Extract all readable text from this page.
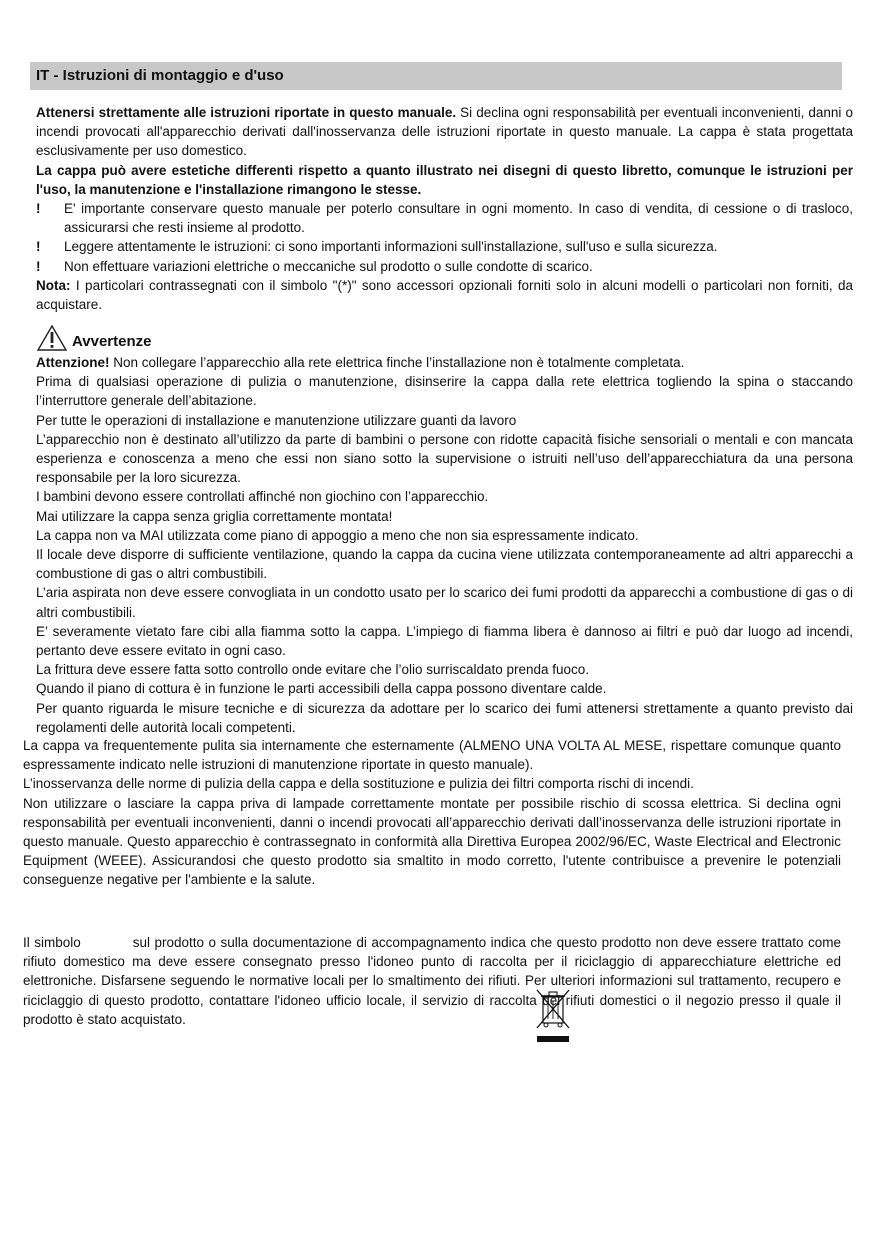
IT - Istruzioni di montaggio e d'uso

Attenersi strettamente alle istruzioni riportate in questo manuale. Si declina ogni responsabilità per eventuali inconvenienti, danni o incendi provocati all'apparecchio derivati dall'inosservanza delle istruzioni riportate in questo manuale. La cappa è stata progettata esclusivamente per uso domestico.

La cappa può avere estetiche differenti rispetto a quanto illustrato nei disegni di questo libretto, comunque le istruzioni per l'uso, la manutenzione e l'installazione rimangono le stesse.

!	E' importante conservare questo manuale per poterlo consultare in ogni momento. In caso di vendita, di cessione o di trasloco, assicurarsi che resti insieme al prodotto.
!	Leggere attentamente le istruzioni: ci sono importanti informazioni sull'installazione, sull'uso e sulla sicurezza.
!	Non effettuare variazioni elettriche o meccaniche sul prodotto o sulle condotte di scarico.

Nota: I particolari contrassegnati con il simbolo "(*)" sono accessori opzionali forniti solo in alcuni modelli o particolari non forniti, da acquistare.

Avvertenze

Attenzione! Non collegare l’apparecchio alla rete elettrica finche l’installazione non è totalmente completata.

Prima di qualsiasi operazione di pulizia o manutenzione, disinserire la cappa dalla rete elettrica togliendo la spina o staccando l’interruttore generale dell’abitazione.

Per tutte le operazioni di installazione e manutenzione utilizzare guanti da lavoro

L’apparecchio non è destinato all’utilizzo da parte di bambini o persone con ridotte capacità fisiche sensoriali o mentali e con mancata esperienza e conoscenza a meno che essi non siano sotto la supervisione o istruiti nell’uso dell’apparecchiatura da una persona responsabile per la loro sicurezza.

I bambini devono essere controllati affinché non giochino con l’apparecchio.

Mai utilizzare la cappa senza griglia correttamente montata!

La cappa non va MAI utilizzata come piano di appoggio a meno che non sia espressamente indicato.

Il locale deve disporre di sufficiente ventilazione, quando la cappa da cucina viene utilizzata contemporaneamente ad altri apparecchi a combustione di gas o altri combustibili.

L’aria aspirata non deve essere convogliata in un condotto usato per lo scarico dei fumi prodotti da apparecchi a combustione di gas o di altri combustibili.

E’ severamente vietato fare cibi alla fiamma sotto la cappa. L’impiego di fiamma libera è dannoso ai filtri e può dar luogo ad incendi, pertanto deve essere evitato in ogni caso.

La frittura deve essere fatta sotto controllo onde evitare che l’olio surriscaldato prenda fuoco.

Quando il piano di cottura è in funzione le parti accessibili della cappa possono diventare calde.

Per quanto riguarda le misure tecniche e di sicurezza da adottare per lo scarico dei fumi attenersi strettamente a quanto previsto dai regolamenti delle autorità locali competenti.

La cappa va frequentemente pulita sia internamente che esternamente (ALMENO UNA VOLTA AL MESE, rispettare comunque quanto espressamente indicato nelle istruzioni di manutenzione riportate in questo manuale).

L’inosservanza delle norme di pulizia della cappa e della sostituzione e pulizia dei filtri comporta rischi di incendi.

Non utilizzare o lasciare la cappa priva di lampade correttamente montate per possibile rischio di scossa elettrica. Si declina ogni responsabilità per eventuali inconvenienti, danni o incendi provocati all’apparecchio derivati dall’inosservanza delle istruzioni riportate in questo manuale. Questo apparecchio è contrassegnato in conformità alla Direttiva Europea 2002/96/EC, Waste Electrical and Electronic Equipment (WEEE). Assicurandosi che questo prodotto sia smaltito in modo corretto, l'utente contribuisce a prevenire le potenziali conseguenze negative per l'ambiente e la salute.

Il simbolo	sul prodotto o sulla documentazione di accompagnamento indica che questo prodotto non deve essere trattato come rifiuto domestico ma deve essere consegnato presso l'idoneo punto di raccolta per il riciclaggio di apparecchiature elettriche ed elettroniche. Disfarsene seguendo le normative locali per lo smaltimento dei rifiuti. Per ulteriori informazioni sul trattamento, recupero e riciclaggio di questo prodotto, contattare l'idoneo ufficio locale, il servizio di raccolta dei rifiuti domestici o il negozio presso il quale il prodotto è stato acquistato.
